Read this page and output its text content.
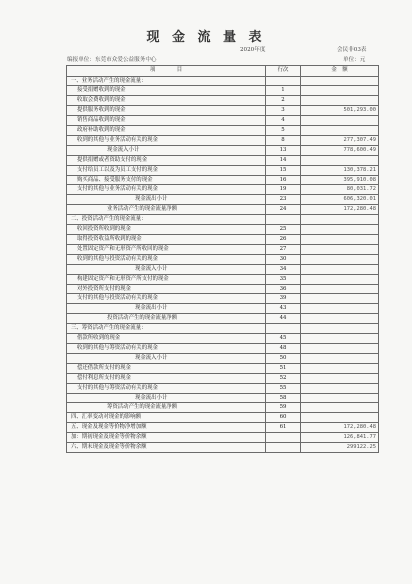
现 金 流 量 表
2020年度	会民非03表
编报单位：东莞市众爱公益服务中心	单位：元
项　　　　目	行次	金　额
一、业务活动产生的现金流量：		
接受捐赠收到的现金	1	
收取会费收到的现金	2	
提供服务收到的现金	3	501,293.00
销售商品收到的现金	4	
政府补助收到的现金	5	
收到的其他与业务活动有关的现金	8	277,307.49
现金流入小计	13	778,600.49
提供捐赠或者资助支付的现金	14	
支付给员工以及为员工支付的现金	15	130,378.21
购买商品、接受服务支付的现金	16	395,910.08
支付的其他与业务活动有关的现金	19	80,031.72
现金流出小计	23	606,320.01
业务活动产生的现金流量净额	24	172,280.48
二、投资活动产生的现金流量：		
收回投资所收到的现金	25	
取得投资收益所收到的现金	26	
处置固定资产和无形资产所收回的现金	27	
收到的其他与投资活动有关的现金	30	
现金流入小计	34	
构建固定资产和无形资产所支付的现金	35	
对外投资所支付的现金	36	
支付的其他与投资活动有关的现金	39	
现金流出小计	43	
投资活动产生的现金流量净额	44	
三、筹资活动产生的现金流量：		
借款所收到的现金	45	
收到的其他与筹资活动有关的现金	48	
现金流入小计	50	
偿还借款所支付的现金	51	
偿付利息所支付的现金	52	
支付的其他与筹资活动有关的现金	55	
现金流出小计	58	
筹资活动产生的现金流量净额	59	
四、汇率变动对现金的影响额	60	
五、现金及现金等价物净增加额	61	172,280.48
加：期初现金及现金等价物余额		126,841.77
六、期末现金及现金等价物余额		299122.25
